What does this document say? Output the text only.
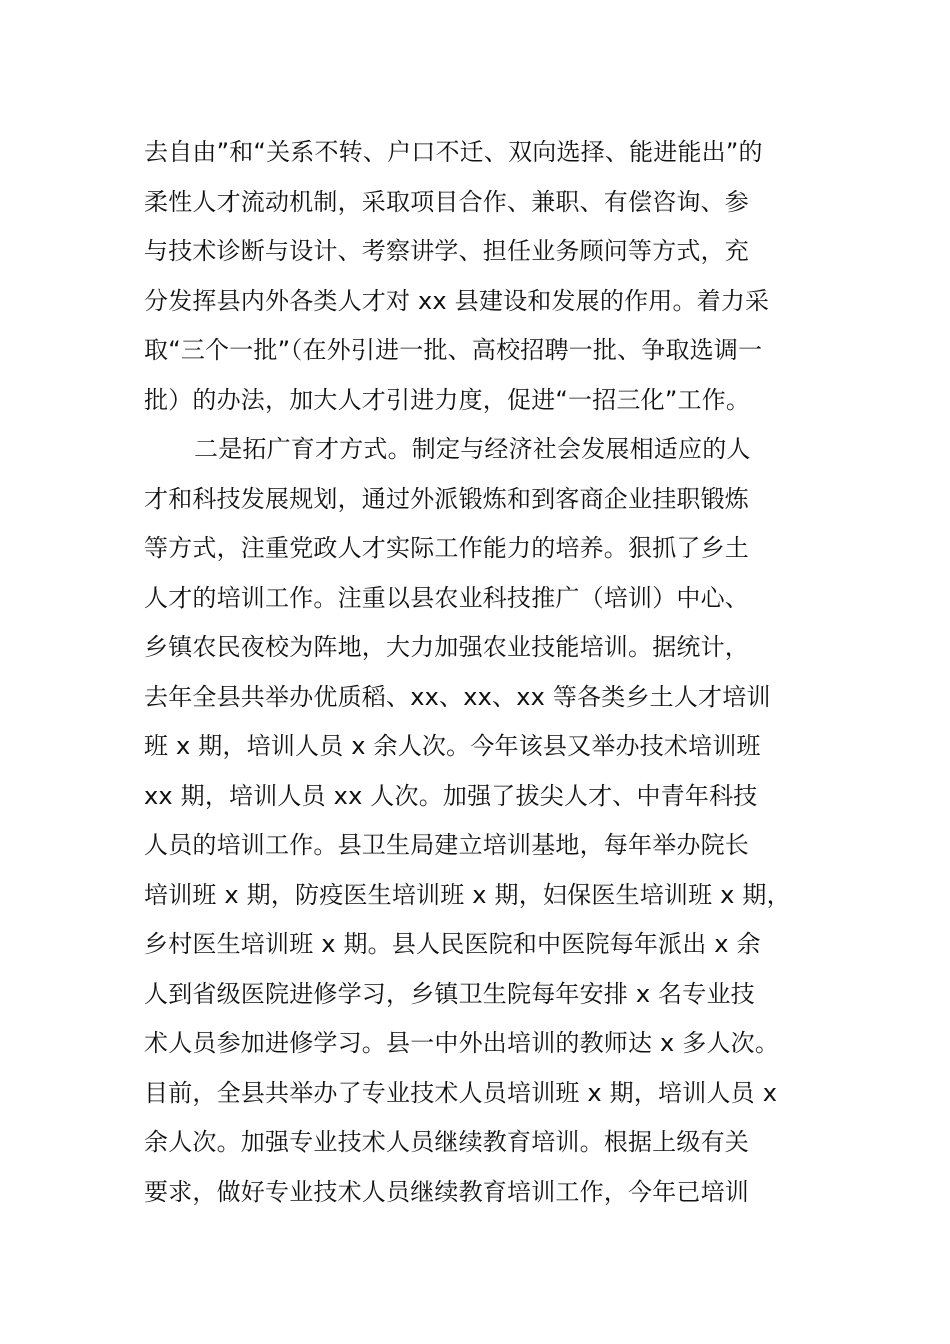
去自由”和“关系不转、户口不迁、双向选择、能进能出”的
柔性人才流动机制，采取项目合作、兼职、有偿咨询、参
与技术诊断与设计、考察讲学、担任业务顾问等方式，充
分发挥县内外各类人才对 xx 县建设和发展的作用。着力采
取“三个一批”（在外引进一批、高校招聘一批、争取选调一
批）的办法，加大人才引进力度，促进“一招三化”工作。
二是拓广育才方式。制定与经济社会发展相适应的人
才和科技发展规划，通过外派锻炼和到客商企业挂职锻炼
等方式，注重党政人才实际工作能力的培养。狠抓了乡土
人才的培训工作。注重以县农业科技推广（培训）中心、
乡镇农民夜校为阵地，大力加强农业技能培训。据统计，
去年全县共举办优质稻、xx、xx、xx 等各类乡土人才培训
班 x 期，培训人员 x 余人次。今年该县又举办技术培训班
xx 期，培训人员 xx 人次。加强了拔尖人才、中青年科技
人员的培训工作。县卫生局建立培训基地，每年举办院长
培训班 x 期，防疫医生培训班 x 期，妇保医生培训班 x 期，
乡村医生培训班 x 期。县人民医院和中医院每年派出 x 余
人到省级医院进修学习，乡镇卫生院每年安排 x 名专业技
术人员参加进修学习。县一中外出培训的教师达 x 多人次。
目前，全县共举办了专业技术人员培训班 x 期，培训人员 x
余人次。加强专业技术人员继续教育培训。根据上级有关
要求，做好专业技术人员继续教育培训工作，今年已培训
